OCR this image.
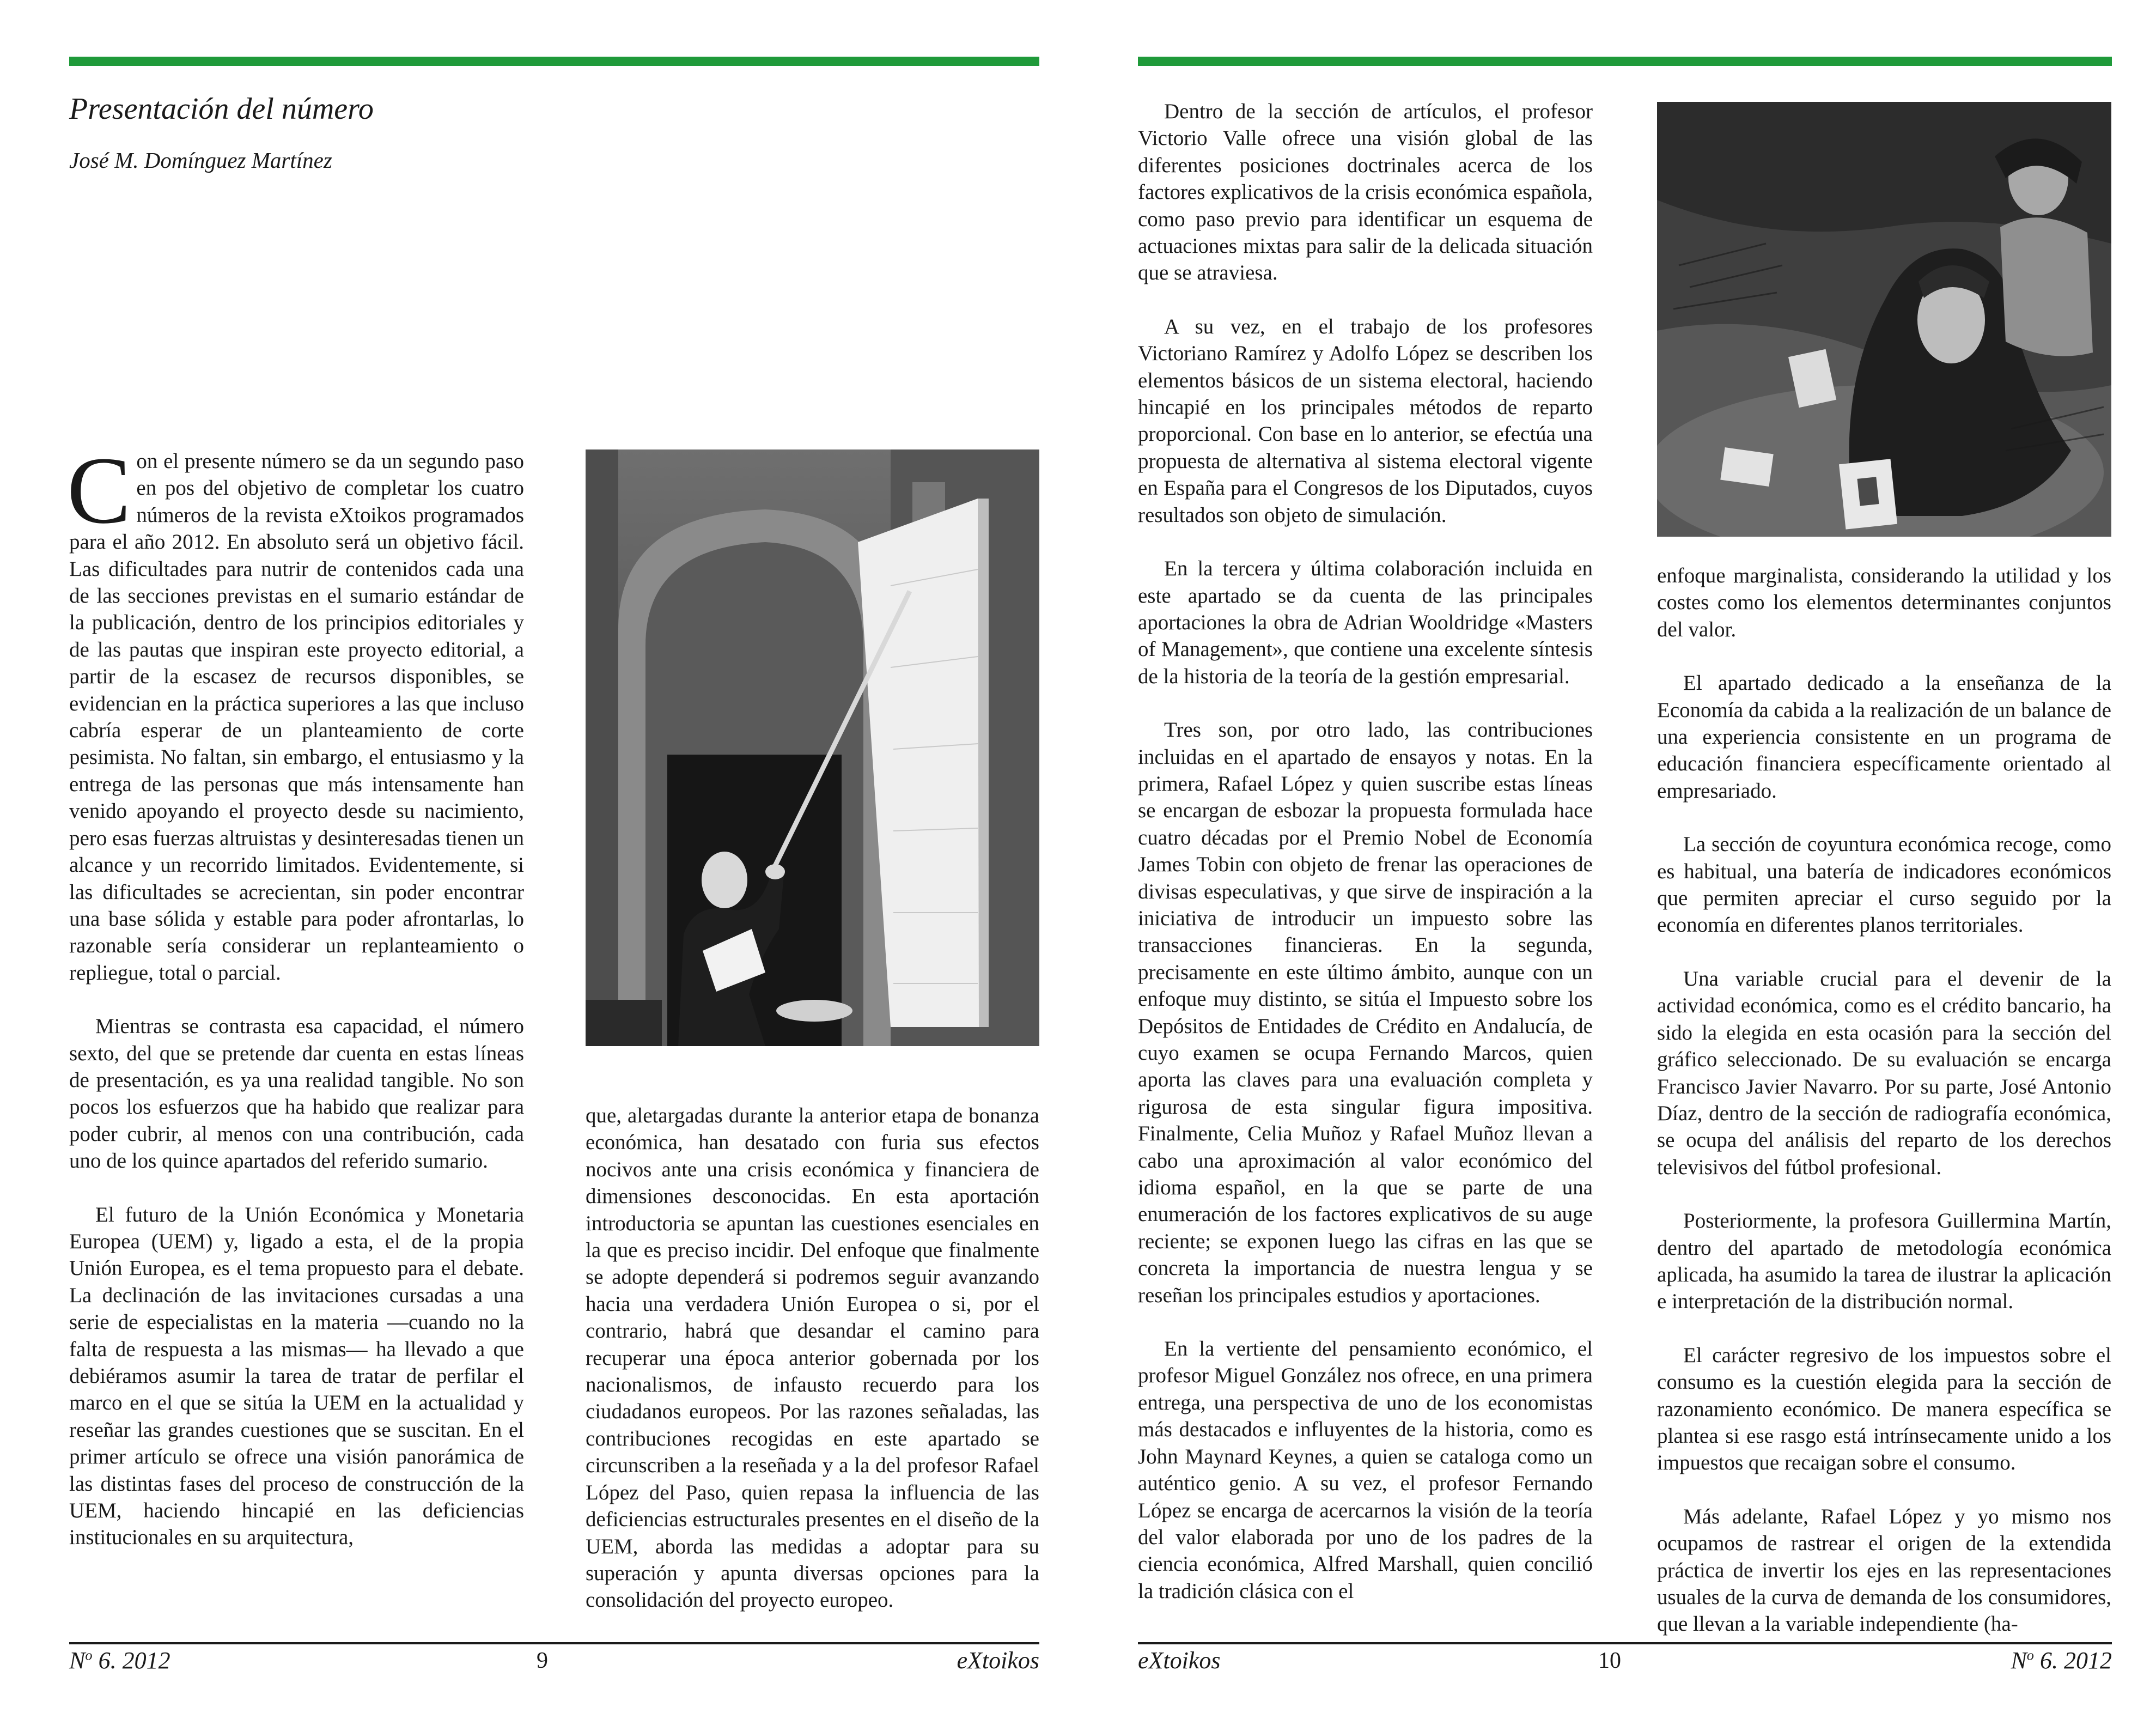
Presentación del número
José M. Domínguez Martínez

Con el presente número se da un segundo paso en pos del objetivo de completar los cuatro números de la revista eXtoikos programados para el año 2012. En absoluto será un objetivo fácil. Las dificultades para nutrir de contenidos cada una de las secciones previstas en el sumario estándar de la publicación, dentro de los principios editoriales y de las pautas que inspiran este proyecto editorial, a partir de la escasez de recursos disponibles, se evidencian en la práctica superiores a las que incluso cabría esperar de un planteamiento de corte pesimista. No faltan, sin embargo, el entusiasmo y la entrega de las personas que más intensamente han venido apoyando el proyecto desde su nacimiento, pero esas fuerzas altruistas y desinteresadas tienen un alcance y un recorrido limitados. Evidentemente, si las dificultades se acrecientan, sin poder encontrar una base sólida y estable para poder afrontarlas, lo razonable sería considerar un replanteamiento o repliegue, total o parcial.

Mientras se contrasta esa capacidad, el número sexto, del que se pretende dar cuenta en estas líneas de presentación, es ya una realidad tangible. No son pocos los esfuerzos que ha habido que realizar para poder cubrir, al menos con una contribución, cada uno de los quince apartados del referido sumario.

El futuro de la Unión Económica y Monetaria Europea (UEM) y, ligado a esta, el de la propia Unión Europea, es el tema propuesto para el debate. La declinación de las invitaciones cursadas a una serie de especialistas en la materia —cuando no la falta de respuesta a las mismas— ha llevado a que debiéramos asumir la tarea de tratar de perfilar el marco en el que se sitúa la UEM en la actualidad y reseñar las grandes cuestiones que se suscitan. En el primer artículo se ofrece una visión panorámica de las distintas fases del proceso de construcción de la UEM, haciendo hincapié en las deficiencias institucionales en su arquitectura,

que, aletargadas durante la anterior etapa de bonanza económica, han desatado con furia sus efectos nocivos ante una crisis económica y financiera de dimensiones desconocidas. En esta aportación introductoria se apuntan las cuestiones esenciales en la que es preciso incidir. Del enfoque que finalmente se adopte dependerá si podremos seguir avanzando hacia una verdadera Unión Europea o si, por el contrario, habrá que desandar el camino para recuperar una época anterior gobernada por los nacionalismos, de infausto recuerdo para los ciudadanos europeos. Por las razones señaladas, las contribuciones recogidas en este apartado se circunscriben a la reseñada y a la del profesor Rafael López del Paso, quien repasa la influencia de las deficiencias estructurales presentes en el diseño de la UEM, aborda las medidas a adoptar para su superación y apunta diversas opciones para la consolidación del proyecto europeo.

$N^o$ 6. 2012	9	eXtoikos

Dentro de la sección de artículos, el profesor Victorio Valle ofrece una visión global de las diferentes posiciones doctrinales acerca de los factores explicativos de la crisis económica española, como paso previo para identificar un esquema de actuaciones mixtas para salir de la delicada situación que se atraviesa.

A su vez, en el trabajo de los profesores Victoriano Ramírez y Adolfo López se describen los elementos básicos de un sistema electoral, haciendo hincapié en los principales métodos de reparto proporcional. Con base en lo anterior, se efectúa una propuesta de alternativa al sistema electoral vigente en España para el Congresos de los Diputados, cuyos resultados son objeto de simulación.

En la tercera y última colaboración incluida en este apartado se da cuenta de las principales aportaciones la obra de Adrian Wooldridge «Masters of Management», que contiene una excelente síntesis de la historia de la teoría de la gestión empresarial.

Tres son, por otro lado, las contribuciones incluidas en el apartado de ensayos y notas. En la primera, Rafael López y quien suscribe estas líneas se encargan de esbozar la propuesta formulada hace cuatro décadas por el Premio Nobel de Economía James Tobin con objeto de frenar las operaciones de divisas especulativas, y que sirve de inspiración a la iniciativa de introducir un impuesto sobre las transacciones financieras. En la segunda, precisamente en este último ámbito, aunque con un enfoque muy distinto, se sitúa el Impuesto sobre los Depósitos de Entidades de Crédito en Andalucía, de cuyo examen se ocupa Fernando Marcos, quien aporta las claves para una evaluación completa y rigurosa de esta singular figura impositiva. Finalmente, Celia Muñoz y Rafael Muñoz llevan a cabo una aproximación al valor económico del idioma español, en la que se parte de una enumeración de los factores explicativos de su auge reciente; se exponen luego las cifras en las que se concreta la importancia de nuestra lengua y se reseñan los principales estudios y aportaciones.

En la vertiente del pensamiento económico, el profesor Miguel González nos ofrece, en una primera entrega, una perspectiva de uno de los economistas más destacados e influyentes de la historia, como es John Maynard Keynes, a quien se cataloga como un auténtico genio. A su vez, el profesor Fernando López se encarga de acercarnos la visión de la teoría del valor elaborada por uno de los padres de la ciencia económica, Alfred Marshall, quien concilió la tradición clásica con el

enfoque marginalista, considerando la utilidad y los costes como los elementos determinantes conjuntos del valor.

El apartado dedicado a la enseñanza de la Economía da cabida a la realización de un balance de una experiencia consistente en un programa de educación financiera específicamente orientado al empresariado.

La sección de coyuntura económica recoge, como es habitual, una batería de indicadores económicos que permiten apreciar el curso seguido por la economía en diferentes planos territoriales.

Una variable crucial para el devenir de la actividad económica, como es el crédito bancario, ha sido la elegida en esta ocasión para la sección del gráfico seleccionado. De su evaluación se encarga Francisco Javier Navarro. Por su parte, José Antonio Díaz, dentro de la sección de radiografía económica, se ocupa del análisis del reparto de los derechos televisivos del fútbol profesional.

Posteriormente, la profesora Guillermina Martín, dentro del apartado de metodología económica aplicada, ha asumido la tarea de ilustrar la aplicación e interpretación de la distribución normal.

El carácter regresivo de los impuestos sobre el consumo es la cuestión elegida para la sección de razonamiento económico. De manera específica se plantea si ese rasgo está intrínsecamente unido a los impuestos que recaigan sobre el consumo.

Más adelante, Rafael López y yo mismo nos ocupamos de rastrear el origen de la extendida práctica de invertir los ejes en las representaciones usuales de la curva de demanda de los consumidores, que llevan a la variable independiente (ha-

eXtoikos	10	$N^o$ 6. 2012
